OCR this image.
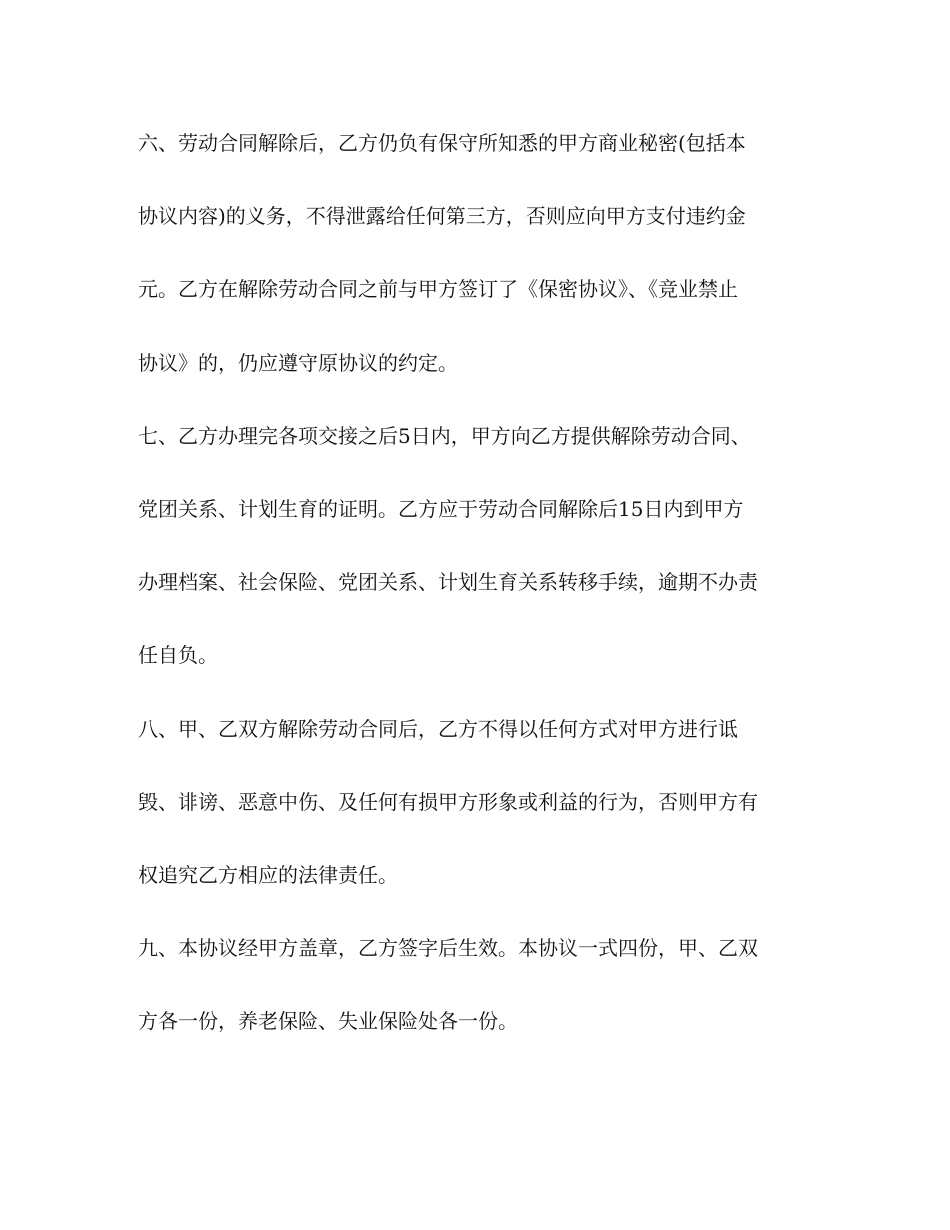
六、劳动合同解除后，乙方仍负有保守所知悉的甲方商业秘密(包括本
协议内容)的义务，不得泄露给任何第三方，否则应向甲方支付违约金
元。乙方在解除劳动合同之前与甲方签订了《保密协议》、《竞业禁止
协议》的，仍应遵守原协议的约定。
七、乙方办理完各项交接之后5日内，甲方向乙方提供解除劳动合同、
党团关系、计划生育的证明。乙方应于劳动合同解除后15日内到甲方
办理档案、社会保险、党团关系、计划生育关系转移手续，逾期不办责
任自负。
八、甲、乙双方解除劳动合同后，乙方不得以任何方式对甲方进行诋
毁、诽谤、恶意中伤、及任何有损甲方形象或利益的行为，否则甲方有
权追究乙方相应的法律责任。
九、本协议经甲方盖章，乙方签字后生效。本协议一式四份，甲、乙双
方各一份，养老保险、失业保险处各一份。
